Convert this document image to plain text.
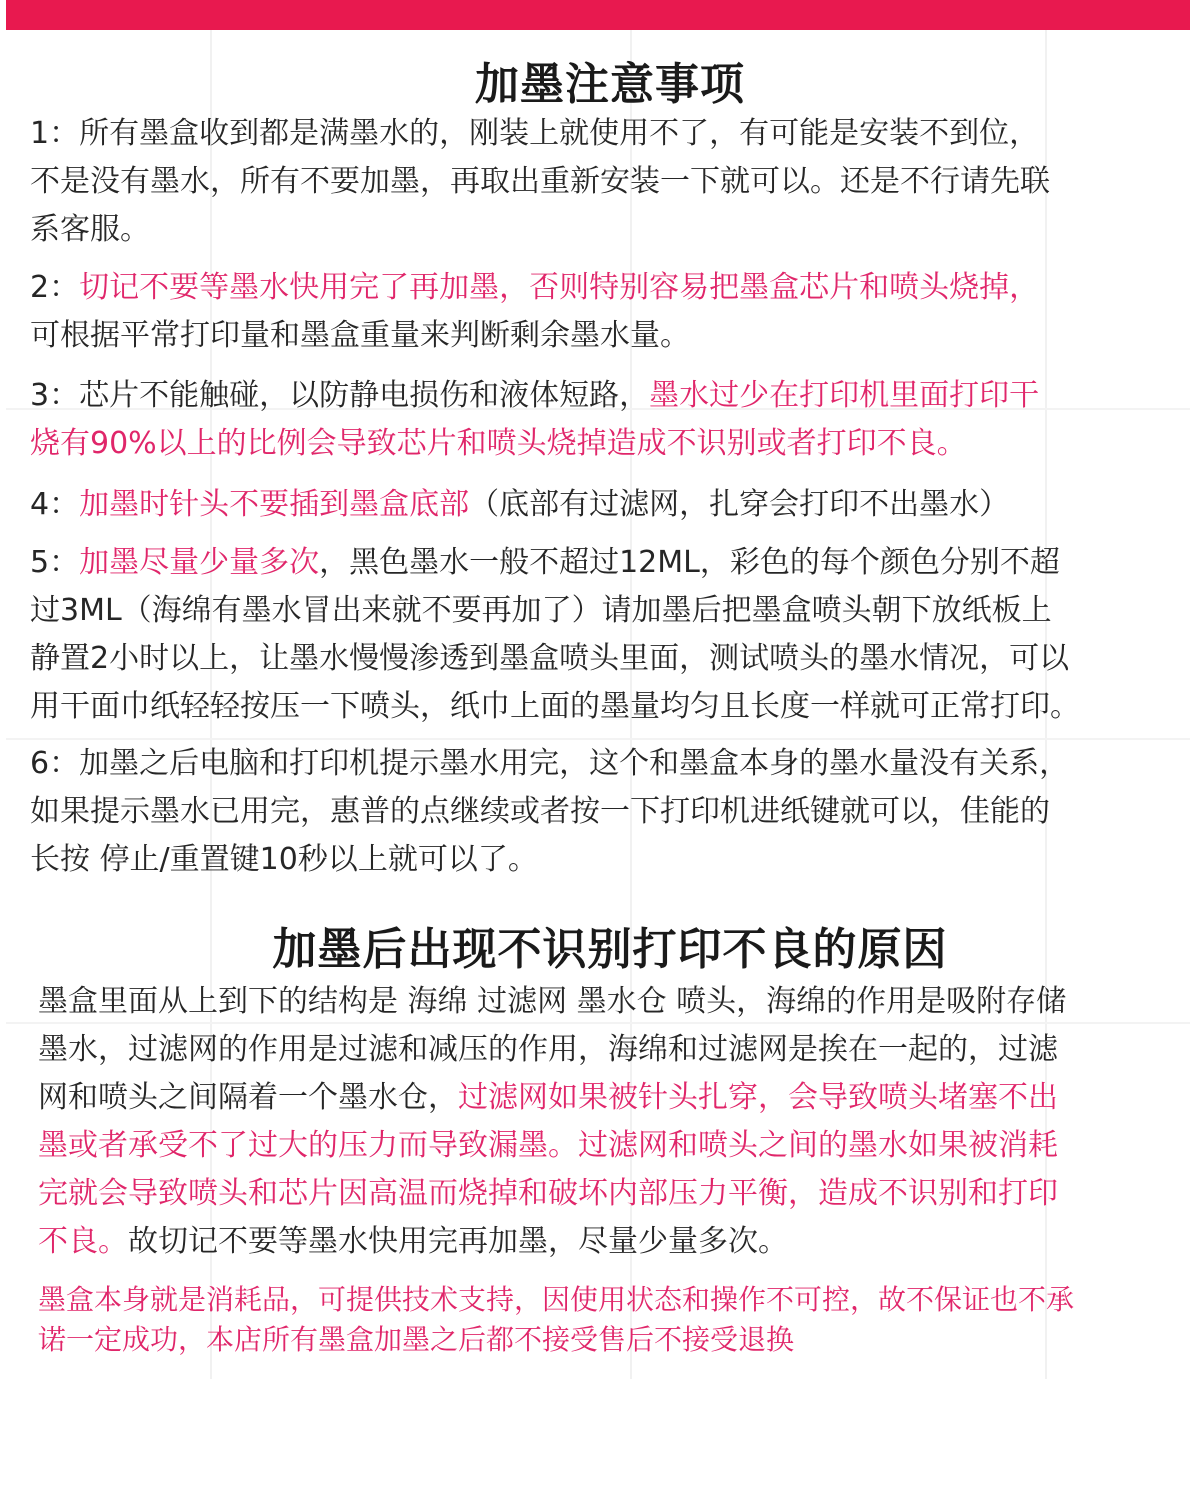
加墨注意事项
1：所有墨盒收到都是满墨水的，刚装上就使用不了，有可能是安装不到位，
不是没有墨水，所有不要加墨，再取出重新安装一下就可以。还是不行请先联
系客服。
2：切记不要等墨水快用完了再加墨，否则特别容易把墨盒芯片和喷头烧掉，
可根据平常打印量和墨盒重量来判断剩余墨水量。
3：芯片不能触碰，以防静电损伤和液体短路，墨水过少在打印机里面打印干
烧有90%以上的比例会导致芯片和喷头烧掉造成不识别或者打印不良。
4：加墨时针头不要插到墨盒底部（底部有过滤网，扎穿会打印不出墨水）
5：加墨尽量少量多次，黑色墨水一般不超过12ML，彩色的每个颜色分别不超
过3ML（海绵有墨水冒出来就不要再加了）请加墨后把墨盒喷头朝下放纸板上
静置2小时以上，让墨水慢慢渗透到墨盒喷头里面，测试喷头的墨水情况，可以
用干面巾纸轻轻按压一下喷头，纸巾上面的墨量均匀且长度一样就可正常打印。
6：加墨之后电脑和打印机提示墨水用完，这个和墨盒本身的墨水量没有关系，
如果提示墨水已用完，惠普的点继续或者按一下打印机进纸键就可以，佳能的
长按 停止/重置键10秒以上就可以了。
加墨后出现不识别打印不良的原因
墨盒里面从上到下的结构是 海绵 过滤网 墨水仓 喷头，海绵的作用是吸附存储
墨水，过滤网的作用是过滤和减压的作用，海绵和过滤网是挨在一起的，过滤
网和喷头之间隔着一个墨水仓，过滤网如果被针头扎穿，会导致喷头堵塞不出
墨或者承受不了过大的压力而导致漏墨。过滤网和喷头之间的墨水如果被消耗
完就会导致喷头和芯片因高温而烧掉和破坏内部压力平衡，造成不识别和打印
不良。故切记不要等墨水快用完再加墨，尽量少量多次。
墨盒本身就是消耗品，可提供技术支持，因使用状态和操作不可控，故不保证也不承
诺一定成功，本店所有墨盒加墨之后都不接受售后不接受退换
